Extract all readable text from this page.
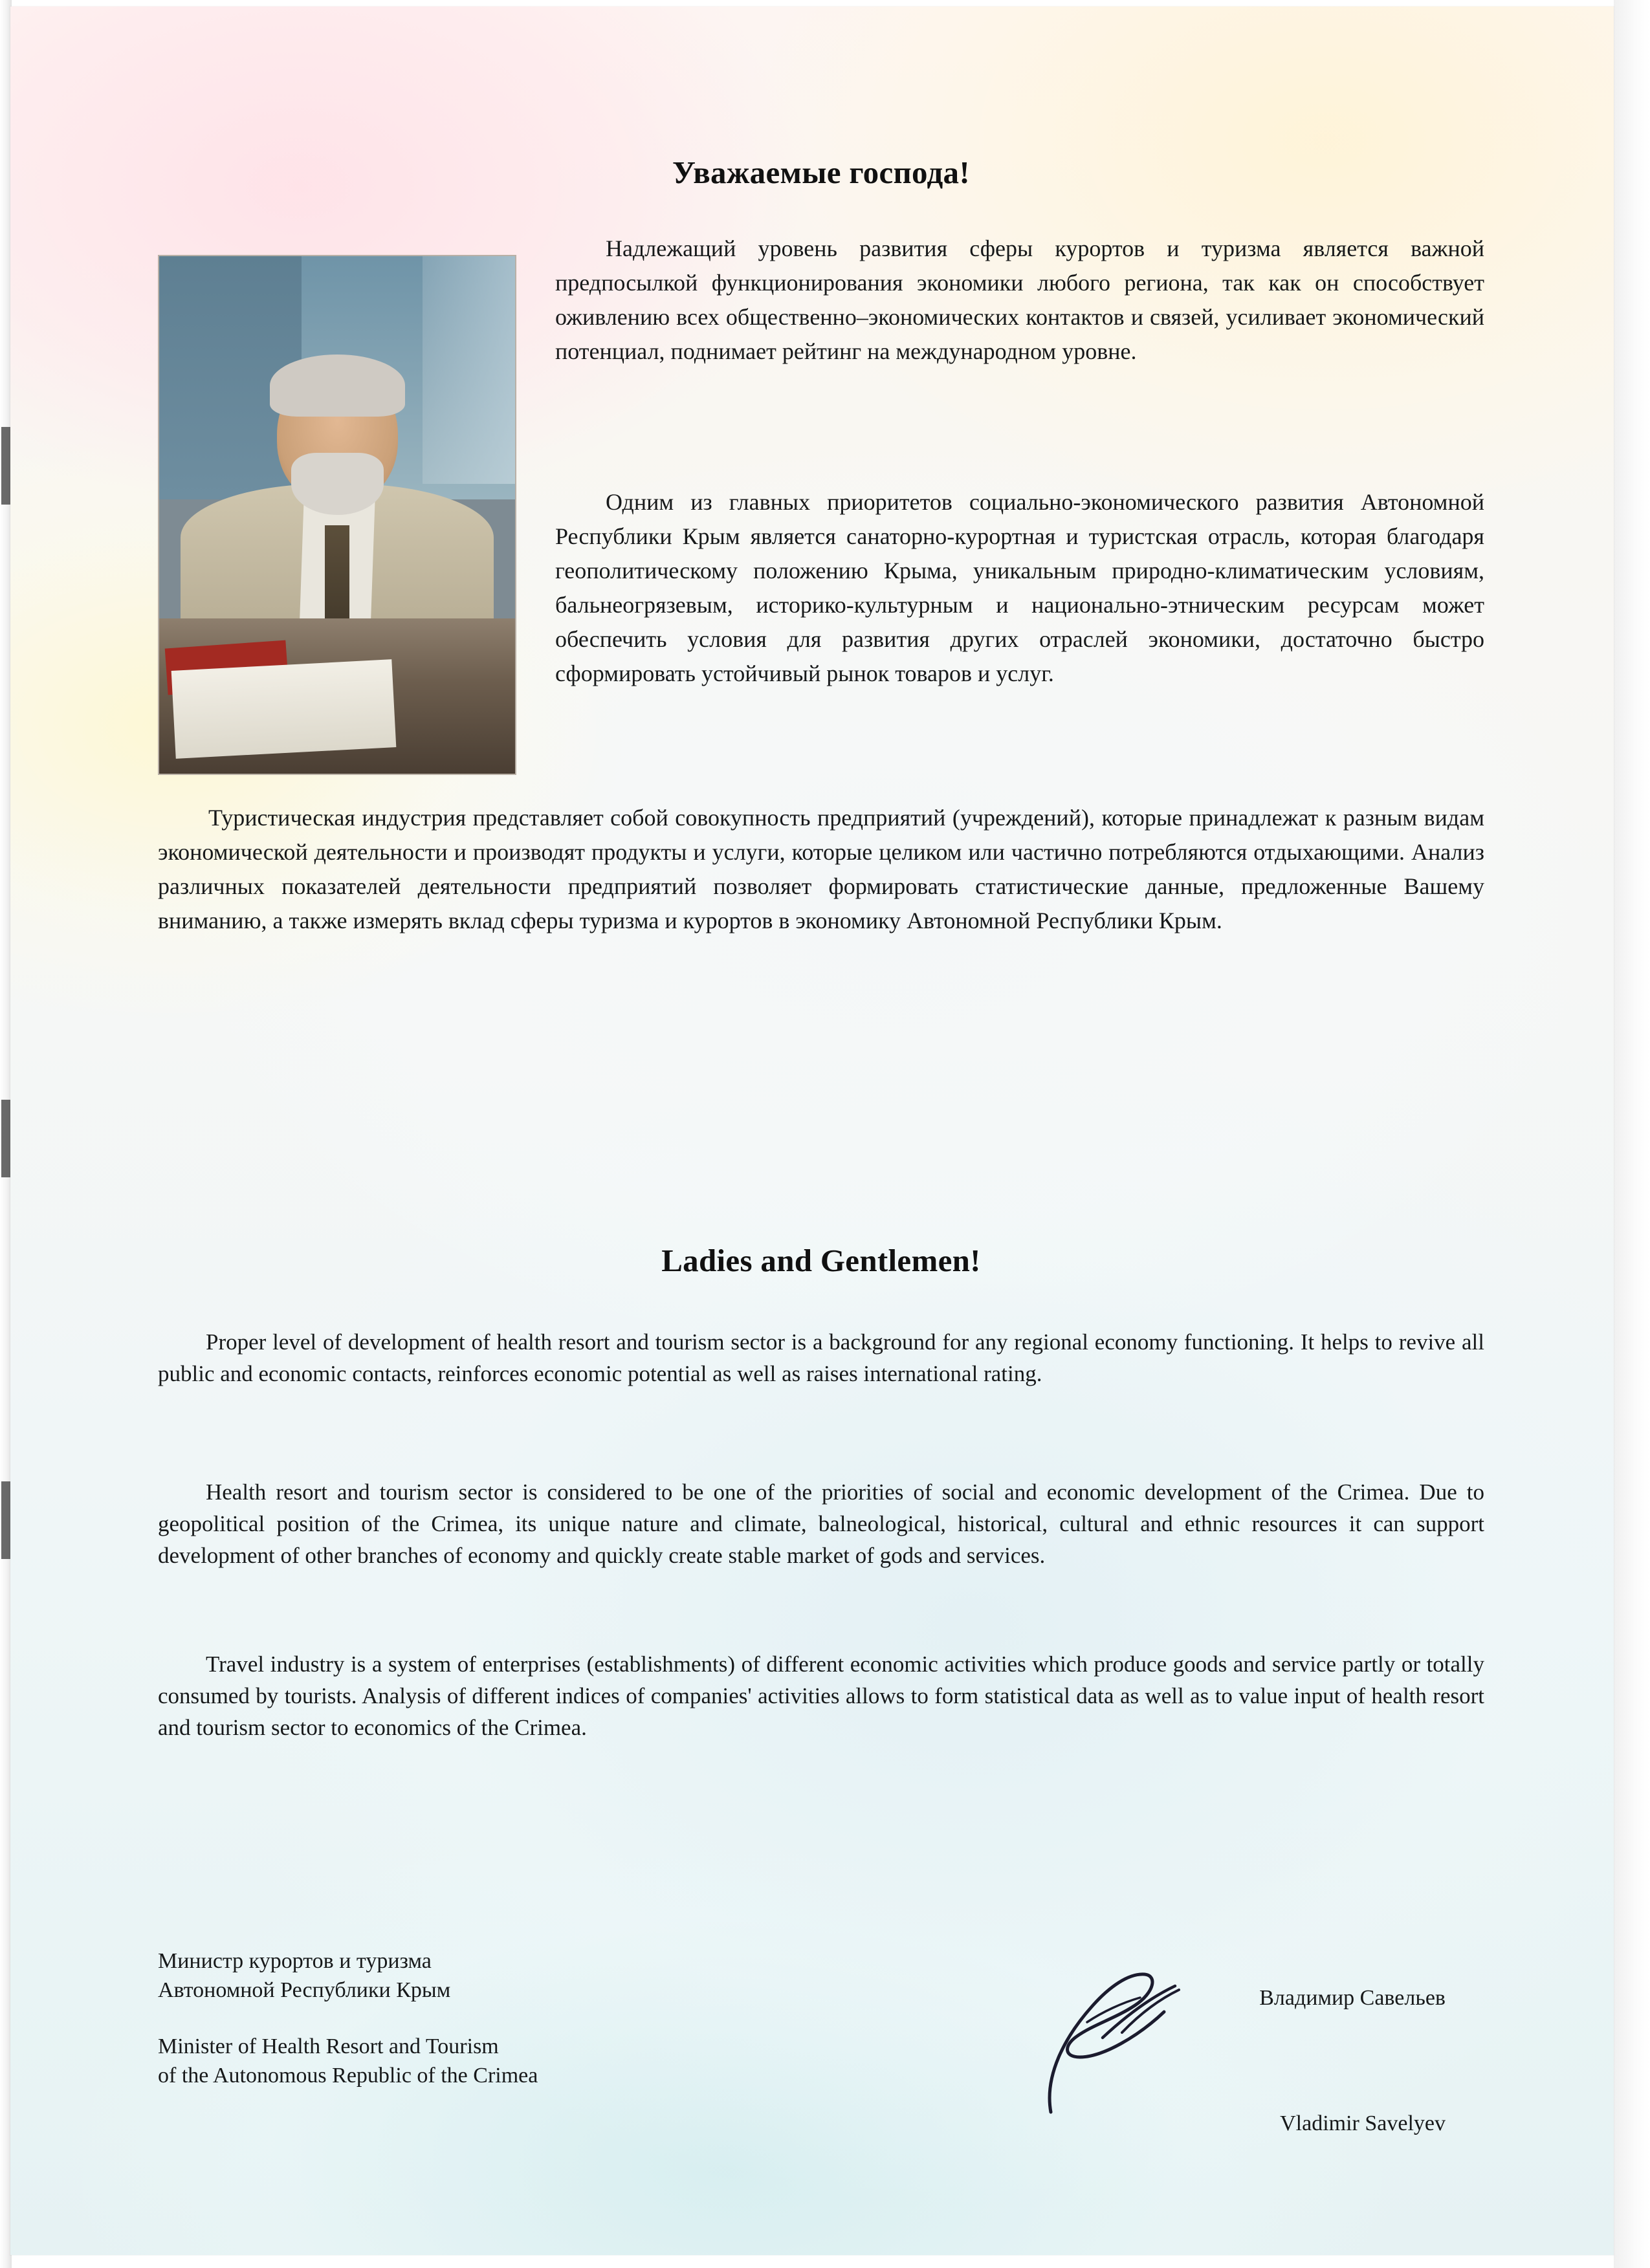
Уважаемые господа!

Надлежащий уровень развития сферы курортов и туризма является важной предпосылкой функционирования экономики любого региона, так как он способствует оживлению всех общественно–экономических контактов и связей, усиливает экономический потенциал, поднимает рейтинг на международном уровне.

Одним из главных приоритетов социально-экономического развития Автономной Республики Крым является санаторно-курортная и туристская отрасль, которая благодаря геополитическому положению Крыма, уникальным природно-климатическим условиям, бальнеогрязевым, историко-культурным и национально-этническим ресурсам может обеспечить условия для развития других отраслей экономики, достаточно быстро сформировать устойчивый рынок товаров и услуг.

Туристическая индустрия представляет собой совокупность предприятий (учреждений), которые принадлежат к разным видам экономической деятельности и производят продукты и услуги, которые целиком или частично потребляются отдыхающими. Анализ различных показателей деятельности предприятий позволяет формировать статистические данные, предложенные Вашему вниманию, а также измерять вклад сферы туризма и курортов в экономику Автономной Республики Крым.

Ladies and Gentlemen!

Proper level of development of health resort and tourism sector is a background for any regional economy functioning. It helps to revive all public and economic contacts, reinforces economic potential as well as raises international rating.

Health resort and tourism sector is considered to be one of the priorities of social and economic development of the Crimea. Due to geopolitical position of the Crimea, its unique nature and climate, balneological, historical, cultural and ethnic resources it can support development of other branches of economy and quickly create stable market of gods and services.

Travel industry is a system of enterprises (establishments) of different economic activities which produce goods and service partly or totally consumed by tourists. Analysis of different indices of companies' activities allows to form statistical data as well as to value input of health resort and tourism sector to economics of the Crimea.

Министр курортов и туризма
Автономной Республики Крым
Minister of Health Resort and Tourism
of the Autonomous Republic of the Crimea
Владимир Савельев
Vladimir Savelyev
